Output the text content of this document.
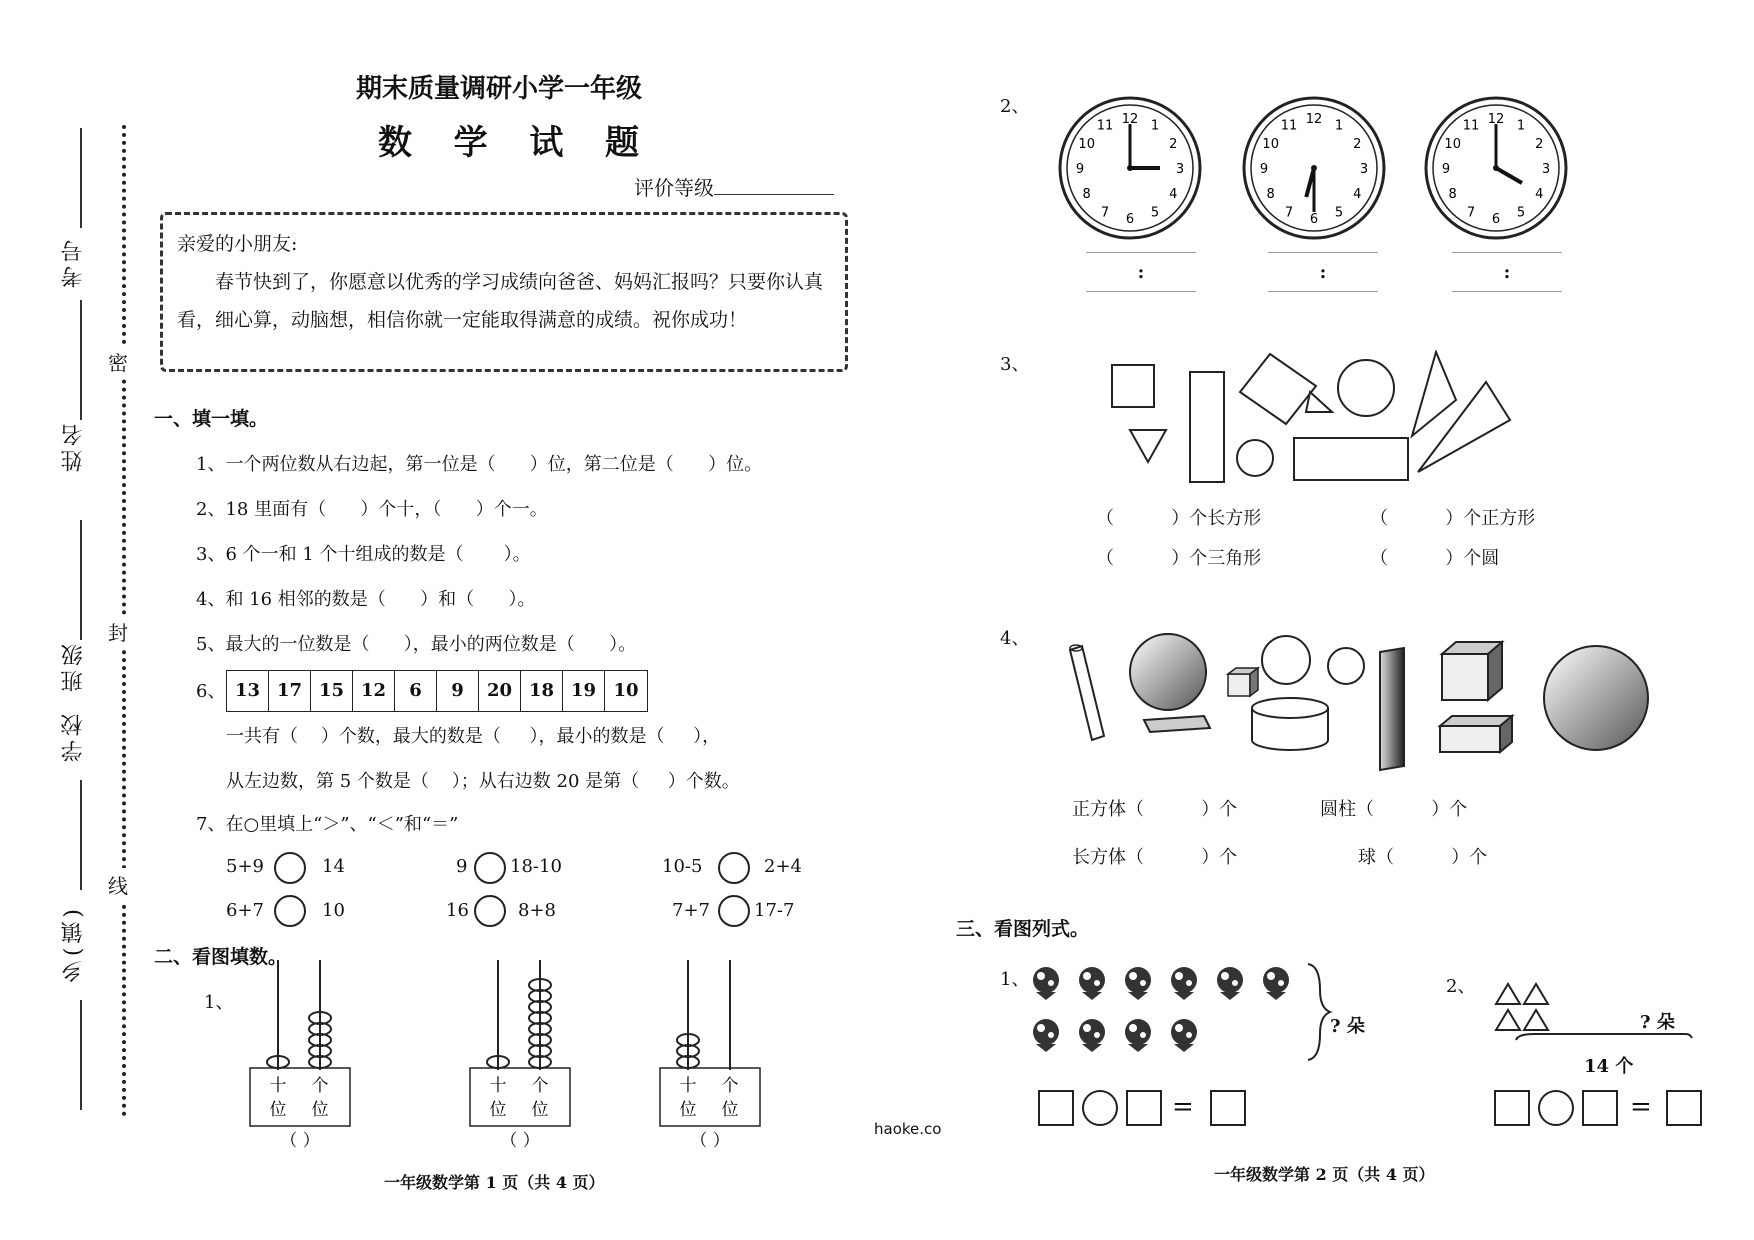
考号
姓名
班级
学校
乡(镇)
密
封
线
期末质量调研小学一年级
数  学  试  题
评价等级
亲爱的小朋友:
春节快到了，你愿意以优秀的学习成绩向爸爸、妈妈汇报吗？只要你认真看，细心算，动脑想，相信你就一定能取得满意的成绩。祝你成功！
一、填一填。
1、一个两位数从右边起，第一位是（      ）位，第二位是（      ）位。
2、18 里面有（      ）个十，（      ）个一。
3、6 个一和 1 个十组成的数是（       ）。
4、和 16 相邻的数是（      ）和（      ）。
5、最大的一位数是（      ），最小的两位数是（      ）。
6、 13 17 15 12	6	9	20 18 19 10
一共有（    ）个数，最大的数是（     ），最小的数是（     ），
从左边数，第 5 个数是（    ）；从右边数 20 是第（     ）个数。
7、在○里填上“＞”、“＜”和“＝”
5+9	14	9 18-10	10-5	2+4
6+7	10	16	8+8	7+7 17-7
二、看图填数。
1、
十 个
位 位
（ ）
十 个
位 位
（ ）
十 个
位 位
（ ）
一年级数学第 1 页（共 4 页）
2、
12 1
2
3
4
5
6
7
8
9
10
11	12 1
2
3
4
5
6
7
8
9
10
11	12 1
2
3
4
5
6
7
8
9
10
11
:	:	:
3、
（          ）个长方形	（          ）个正方形
（          ）个三角形	（          ）个圆
4、
正方体（          ）个	圆柱（          ）个
长方体（          ）个	球（          ）个
三、看图列式。
1、
? 朵
=
2、
? 朵
14 个
=
haoke.co
一年级数学第 2 页（共 4 页）
